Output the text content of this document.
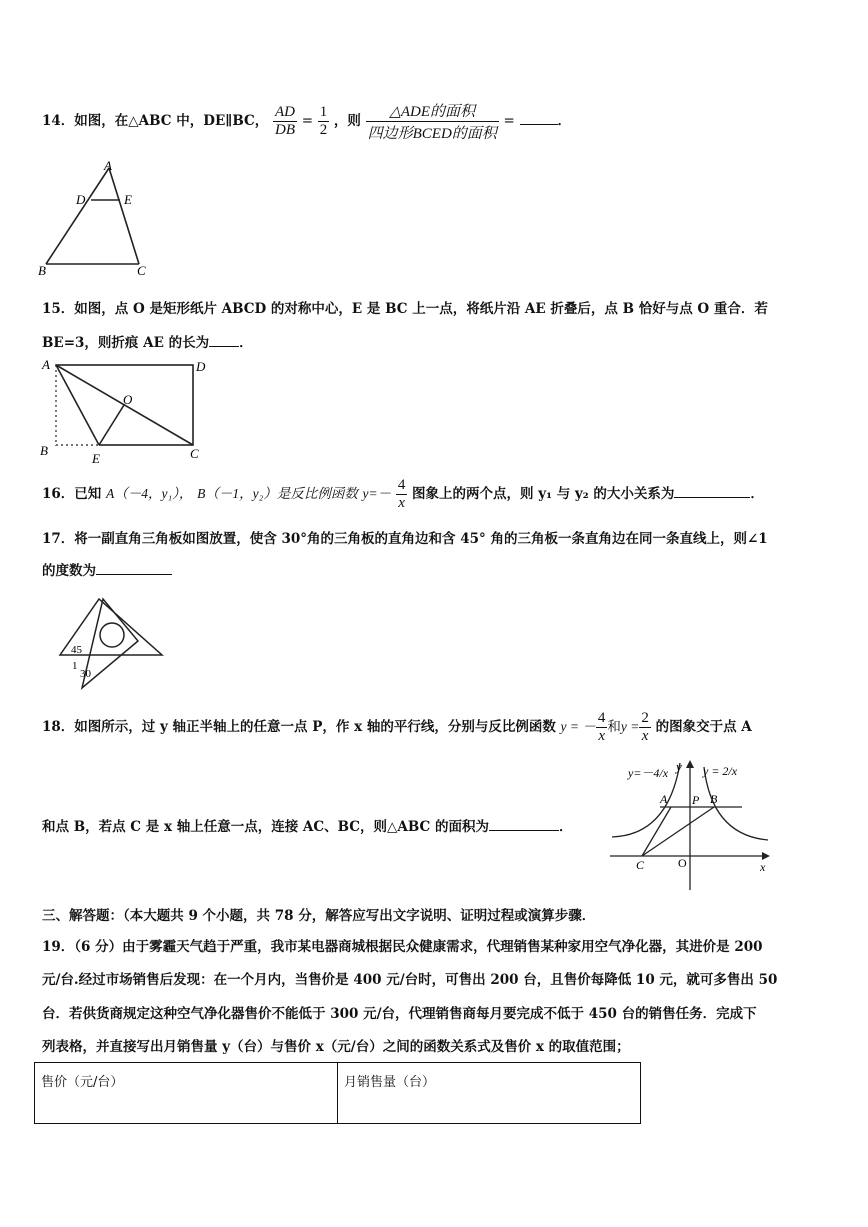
14．如图，在△ABC 中，DE∥BC， $\frac{AD}{DB} = \frac{1}{2}$ ，则 $\frac{\text{△ADE的面积}}{\text{四边形BCED的面积}}$ =	．
A
D	E
B	C
15．如图，点 O 是矩形纸片 ABCD 的对称中心，E 是 BC 上一点，将纸片沿 AE 折叠后，点 B 恰好与点 O 重合．若
BE=3，则折痕 AE 的长为 ．
A	D
O
B
E	C
16．已知 A（－4，y₁）， B（－1，y₂）是反比例函数 $y=- \frac{4}{x}$ 图象上的两个点，则 y₁ 与 y₂ 的大小关系为	．
17．将一副直角三角板如图放置，使含 30°角的三角板的直角边和含 45° 角的三角板一条直角边在同一条直线上，则∠1
的度数为
45
1
30
18．如图所示，过 y 轴正半轴上的任意一点 P，作 x 轴的平行线，分别与反比例函数 y = － $\frac{4}{x}$ 和$y = \frac{2}{x}$ 的图象交于点 A
和点 B，若点 C 是 x 轴上任意一点，连接 AC、BC，则△ABC 的面积为	．
y=－4/x y y = 2/x
A P B
C	O	x
三、解答题：（本大题共 9 个小题，共 78 分，解答应写出文字说明、证明过程或演算步骤．
19．（6 分）由于雾霾天气趋于严重，我市某电器商城根据民众健康需求，代理销售某种家用空气净化器，其进价是 200
元/台.经过市场销售后发现：在一个月内，当售价是 400 元/台时，可售出 200 台，且售价每降低 10 元，就可多售出 50
台．若供货商规定这种空气净化器售价不能低于 300 元/台，代理销售商每月要完成不低于 450 台的销售任务．完成下
列表格，并直接写出月销售量 y（台）与售价 x（元/台）之间的函数关系式及售价 x 的取值范围；
售价（元/台）	月销售量（台）
